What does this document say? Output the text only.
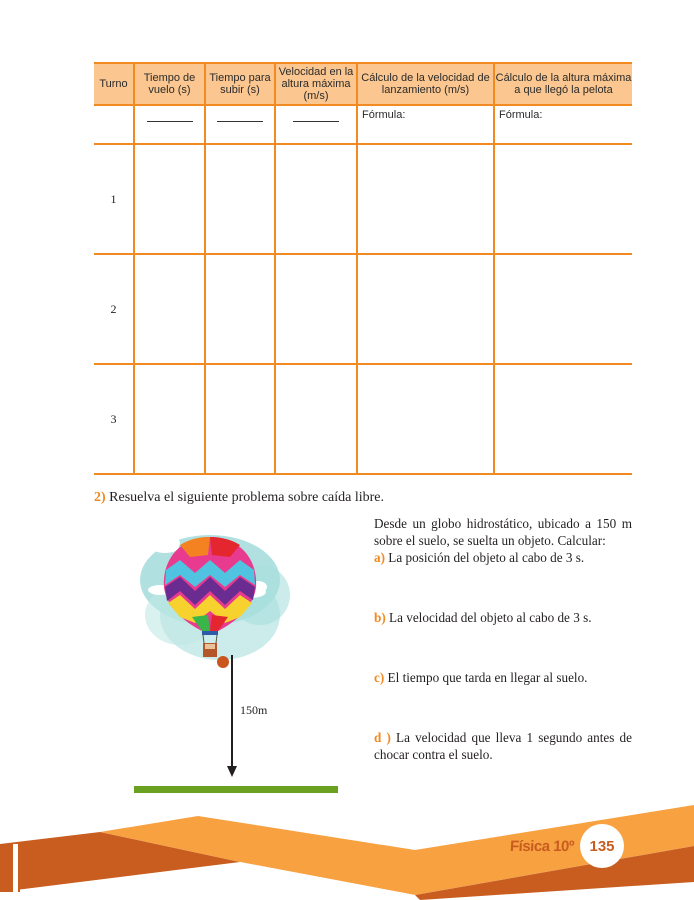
Turno	Tiempo de vuelo (s)	Tiempo para subir (s)	Velocidad en la altura máxima (m/s)	Cálculo de la velocidad de lanzamiento (m/s)	Cálculo de la altura máxima a que llegó la pelota

				Fórmula:	Fórmula:

1					
2					
3					
2) Resuelva el siguiente problema sobre caída libre.
Desde un globo hidrostático, ubicado a 150 m sobre el suelo, se suelta un objeto. Calcular:
a) La posición del objeto al cabo de 3 s.
b) La velocidad del objeto al cabo de 3 s.
c) El tiempo que tarda en llegar al suelo.
d ) La velocidad que lleva 1 segundo antes de chocar contra el suelo.
150m
Física 10º	135
